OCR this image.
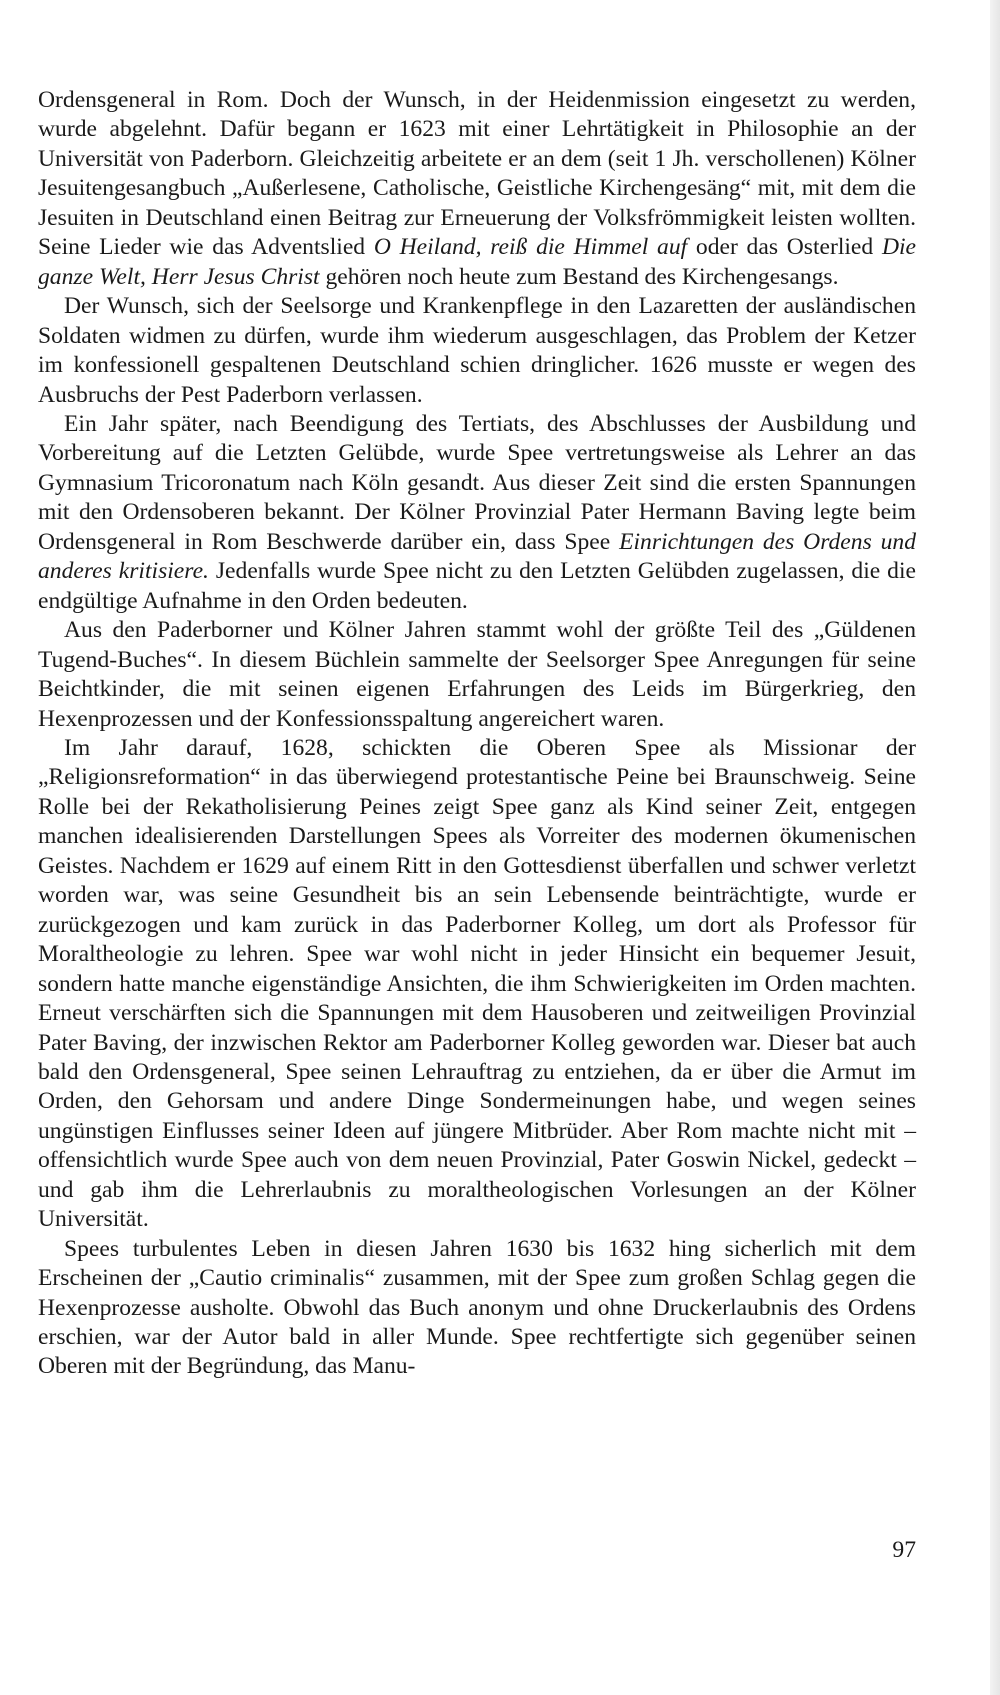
Ordensgeneral in Rom. Doch der Wunsch, in der Heidenmission eingesetzt zu werden, wurde abgelehnt. Dafür begann er 1623 mit einer Lehrtätigkeit in Philosophie an der Universität von Paderborn. Gleichzeitig arbeitete er an dem (seit 1 Jh. verschollenen) Kölner Jesuitengesangbuch „Außerlesene, Catholische, Geistliche Kirchengesäng“ mit, mit dem die Jesuiten in Deutschland einen Beitrag zur Erneuerung der Volksfrömmigkeit leisten wollten. Seine Lieder wie das Adventslied O Heiland, reiß die Himmel auf oder das Osterlied Die ganze Welt, Herr Jesus Christ gehören noch heute zum Bestand des Kirchengesangs.

Der Wunsch, sich der Seelsorge und Krankenpflege in den Lazaretten der ausländischen Soldaten widmen zu dürfen, wurde ihm wiederum ausgeschlagen, das Problem der Ketzer im konfessionell gespaltenen Deutschland schien dringlicher. 1626 musste er wegen des Ausbruchs der Pest Paderborn verlassen.

Ein Jahr später, nach Beendigung des Tertiats, des Abschlusses der Ausbildung und Vorbereitung auf die Letzten Gelübde, wurde Spee vertretungsweise als Lehrer an das Gymnasium Tricoronatum nach Köln gesandt. Aus dieser Zeit sind die ersten Spannungen mit den Ordensoberen bekannt. Der Kölner Provinzial Pater Hermann Baving legte beim Ordensgeneral in Rom Beschwerde darüber ein, dass Spee Einrichtungen des Ordens und anderes kritisiere. Jedenfalls wurde Spee nicht zu den Letzten Gelübden zugelassen, die die endgültige Aufnahme in den Orden bedeuten.

Aus den Paderborner und Kölner Jahren stammt wohl der größte Teil des „Güldenen Tugend-Buches“. In diesem Büchlein sammelte der Seelsorger Spee Anregungen für seine Beichtkinder, die mit seinen eigenen Erfahrungen des Leids im Bürgerkrieg, den Hexenprozessen und der Konfessionsspaltung angereichert waren.

Im Jahr darauf, 1628, schickten die Oberen Spee als Missionar der „Religionsreformation“ in das überwiegend protestantische Peine bei Braunschweig. Seine Rolle bei der Rekatholisierung Peines zeigt Spee ganz als Kind seiner Zeit, entgegen manchen idealisierenden Darstellungen Spees als Vorreiter des modernen ökumenischen Geistes. Nachdem er 1629 auf einem Ritt in den Gottesdienst überfallen und schwer verletzt worden war, was seine Gesundheit bis an sein Lebensende beinträchtigte, wurde er zurückgezogen und kam zurück in das Paderborner Kolleg, um dort als Professor für Moraltheologie zu lehren. Spee war wohl nicht in jeder Hinsicht ein bequemer Jesuit, sondern hatte manche eigenständige Ansichten, die ihm Schwierigkeiten im Orden machten. Erneut verschärften sich die Spannungen mit dem Hausoberen und zeitweiligen Provinzial Pater Baving, der inzwischen Rektor am Paderborner Kolleg geworden war. Dieser bat auch bald den Ordensgeneral, Spee seinen Lehrauftrag zu entziehen, da er über die Armut im Orden, den Gehorsam und andere Dinge Sondermeinungen habe, und wegen seines ungünstigen Einflusses seiner Ideen auf jüngere Mitbrüder. Aber Rom machte nicht mit – offensichtlich wurde Spee auch von dem neuen Provinzial, Pater Goswin Nickel, gedeckt – und gab ihm die Lehrerlaubnis zu moraltheologischen Vorlesungen an der Kölner Universität.

Spees turbulentes Leben in diesen Jahren 1630 bis 1632 hing sicherlich mit dem Erscheinen der „Cautio criminalis“ zusammen, mit der Spee zum großen Schlag gegen die Hexenprozesse ausholte. Obwohl das Buch anonym und ohne Druckerlaubnis des Ordens erschien, war der Autor bald in aller Munde. Spee rechtfertigte sich gegenüber seinen Oberen mit der Begründung, das Manu-

97
